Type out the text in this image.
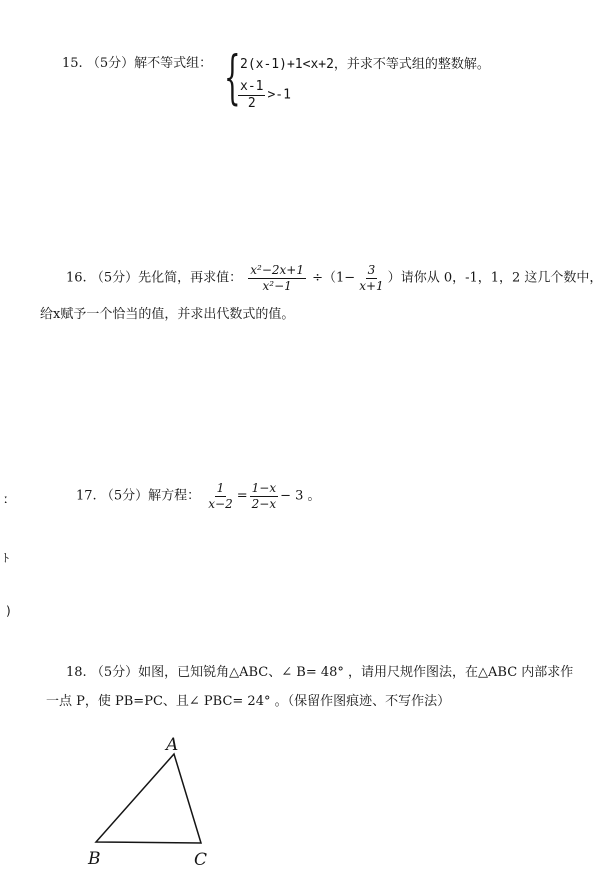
15. （5分）解不等式组： { 2(x-1)+1<x+2，并求不等式组的整数解。
$\frac{x-1}{2} >-1$
16. （5分）先化简，再求值： $\frac{\text{x²−2x+1}}{\text{x²−1}} \div(1- \frac{3}{x+1}$ ）请你从 0，-1，1，2 这几个数中，
给x赋予一个恰当的值，并求出代数式的值。
17. （5分）解方程： $\frac{1}{x-2} = \frac{1-x}{2-x} - 3$ 。
ː
ﾄ
)
18. （5分）如图，已知锐角△ABC、∠ B= 48° ，请用尺规作图法，在△ABC 内部求作
一点 P，使 PB=PC、且∠ PBC= 24° 。（保留作图痕迹、不写作法）
A
B	C
